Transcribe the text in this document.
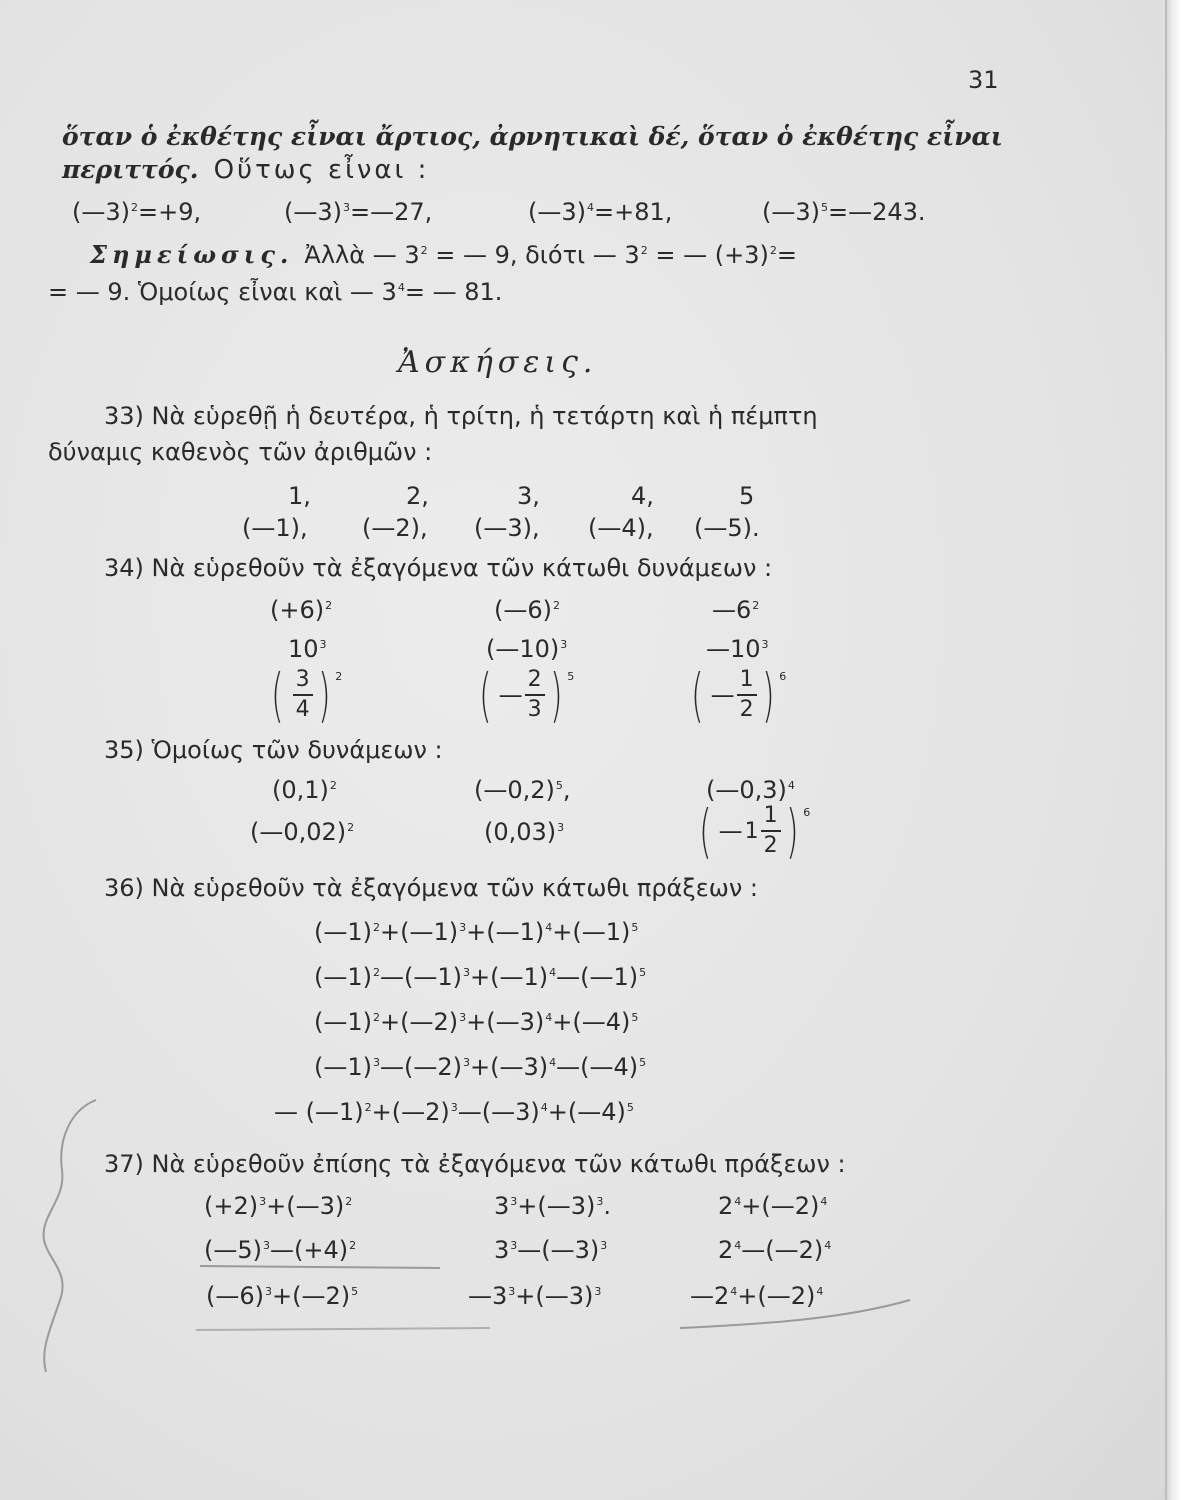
31
ὅταν ὁ ἐκθέτης εἶναι ἄρτιος, ἀρνητικαὶ δέ, ὅταν ὁ ἐκθέτης εἶναι
περιττός. Οὕτως εἶναι :
(—3)$^2$=+9,	(—3)$^3$=—27,	(—3)$^4$=+81,	(—3)$^5$=—243.
Σημείωσις. Ἀλλὰ — $3^2$ = — 9, διότι — $3^2$ = — $(+3)^2=$
= — 9. Ὁμοίως εἶναι καὶ — $3^4=$ — 81.
Ἀσκήσεις.
33) Νὰ εὑρεθῇ ἡ δευτέρα, ἡ τρίτη, ἡ τετάρτη καὶ ἡ πέμπτη
δύναμις καθενὸς τῶν ἀριθμῶν :
1,	2,	3,	4,	5
(—1), (—2), (—3), (—4), (—5).
34) Νὰ εὑρεθοῦν τὰ ἐξαγόμενα τῶν κάτωθι δυνάμεων :
$(+6)^2$	(—6)$^2$	$—6^2$
$10^3$	(—10)$^3$	$—10^3$
( $\frac{3}{4}$ ) 2 ( — $\frac{2}{3}$ ) 5 ( — $\frac{1}{2}$ ) 6
35) Ὁμοίως τῶν δυνάμεων :
$(0,1)^2$	(—0,2)$^5$,	(—0,3)$^4$
(—0,02)$^2$	$(0,03)^3$ ( — $1 \frac{1}{2}$ ) 6
36) Νὰ εὑρεθοῦν τὰ ἐξαγόμενα τῶν κάτωθι πράξεων :
(—1)$^2$+(—1)$^3$+(—1)$^4$+(—1)$^5$
(—1)$^2$—(—1)$^3$+(—1)$^4$—(—1)$^5$
(—1)$^2$+(—2)$^3$+(—3)$^4$+(—4)$^5$
(—1)$^3$—(—2)$^3$+(—3)$^4$—(—4)$^5$
— (—1)$^2$+(—2)$^3$—(—3)$^4$+(—4)$^5$
37) Νὰ εὑρεθοῦν ἐπίσης τὰ ἐξαγόμενα τῶν κάτωθι πράξεων :
$(+2)^3+(—3)^2$	$3^3+(—3)^3$.	$2^4+(—2)^4$
$(—5)^3—(+4)^2$	$3^3—(—3)^3$	$2^4—(—2)^4$
(—6)$^3$+(—2)$^5$	$—3^3+(—3)^3$	$—2^4+(—2)^4$
